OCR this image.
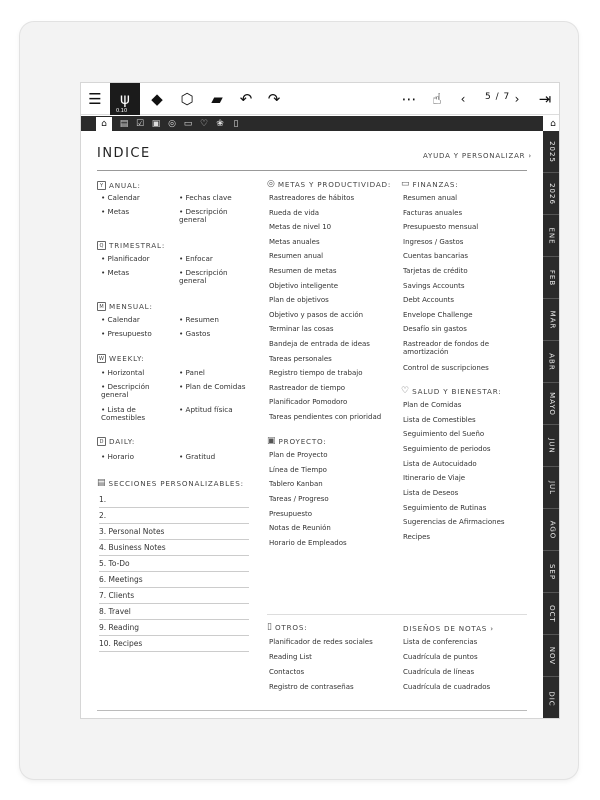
☰	ψ
0.10
◆	⬡	▰	↶	↷	⋯	☝	‹	5 / 7 ›	⇥
⌂	▤ ☑ ▣ ◎ ▭ ♡ ❀	▯	⌂
2025
2026
ENE
FEB
MAR
ABR
MAYO
JUN
JUL
AGO
SEP
OCT
NOV
DIC
INDICE	AYUDA Y PERSONALIZAR ›
Y ANUAL:
• Calendar	• Fechas clave
• Metas	• Descripción general
Q TRIMESTRAL:
• Planificador	• Enfocar
• Metas	• Descripción general
M MENSUAL:
• Calendar	• Resumen
• Presupuesto	• Gastos
W WEEKLY:
• Horizontal	• Panel
• Descripción general
• Plan de Comidas
• Lista de Comestibles
• Aptitud física
D DAILY:
• Horario	• Gratitud
▤ SECCIONES PERSONALIZABLES:
1.
2.
3. Personal Notes
4. Business Notes
5. To-Do
6. Meetings
7. Clients
8. Travel
9. Reading
10. Recipes
◎ METAS Y PRODUCTIVIDAD:
Rastreadores de hábitos
Rueda de vida
Metas de nivel 10
Metas anuales
Resumen anual
Resumen de metas
Objetivo inteligente
Plan de objetivos
Objetivo y pasos de acción
Terminar las cosas
Bandeja de entrada de ideas
Tareas personales
Registro tiempo de trabajo
Rastreador de tiempo
Planificador Pomodoro
Tareas pendientes con prioridad
▣ PROYECTO:
Plan de Proyecto
Línea de Tiempo
Tablero Kanban
Tareas / Progreso
Presupuesto
Notas de Reunión
Horario de Empleados
▭ FINANZAS:
Resumen anual
Facturas anuales
Presupuesto mensual
Ingresos / Gastos
Cuentas bancarias
Tarjetas de crédito
Savings Accounts
Debt Accounts
Envelope Challenge
Desafío sin gastos
Rastreador de fondos de amortización
Control de suscripciones
♡ SALUD Y BIENESTAR:
Plan de Comidas
Lista de Comestibles
Seguimiento del Sueño
Seguimiento de periodos
Lista de Autocuidado
Itinerario de Viaje
Lista de Deseos
Seguimiento de Rutinas
Sugerencias de Afirmaciones
Recipes
▯ OTROS:
Planificador de redes sociales
Reading List
Contactos
Registro de contraseñas
DISEÑOS DE NOTAS ›
Lista de conferencias
Cuadrícula de puntos
Cuadrícula de líneas
Cuadrícula de cuadrados
